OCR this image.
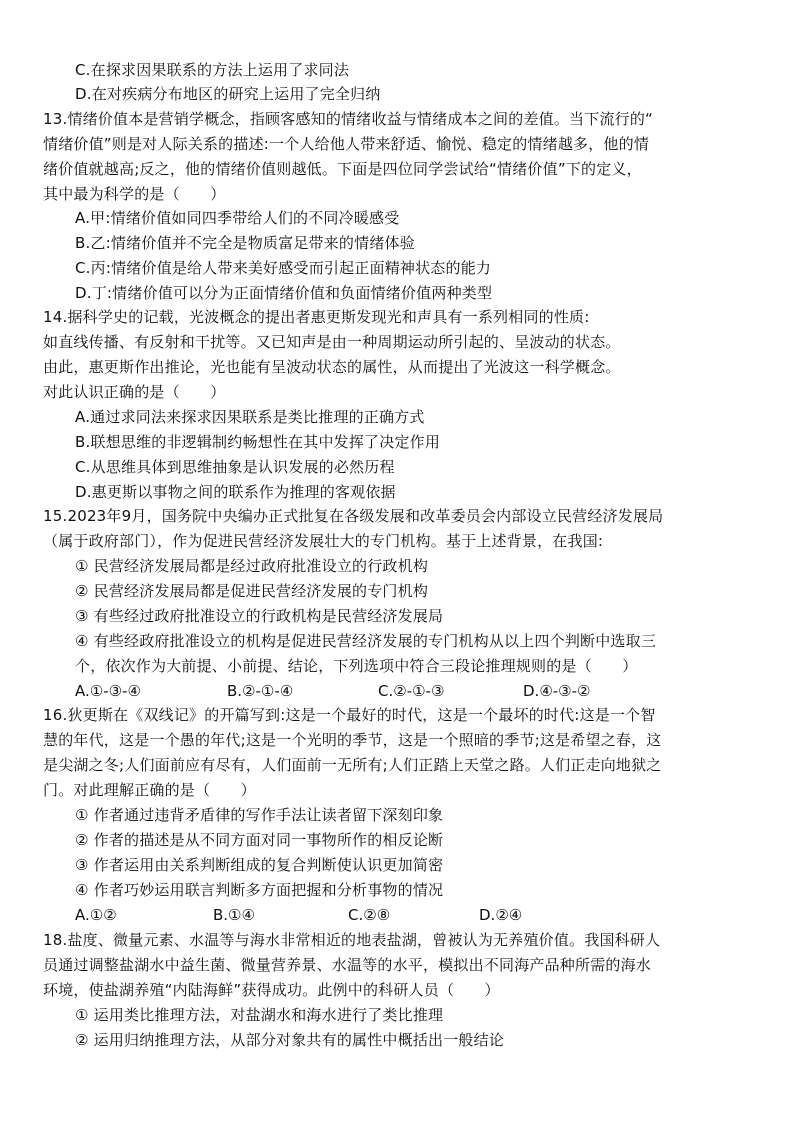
C.在探求因果联系的方法上运用了求同法
D.在对疾病分布地区的研究上运用了完全归纳
13.情绪价值本是营销学概念，指顾客感知的情绪收益与情绪成本之间的差值。当下流行的“
情绪价值”则是对人际关系的描述:一个人给他人带来舒适、愉悦、稳定的情绪越多，他的情
绪价值就越高;反之，他的情绪价值则越低。下面是四位同学尝试给“情绪价值”下的定义，
其中最为科学的是（　　）
A.甲:情绪价值如同四季带给人们的不同冷暖感受
B.乙:情绪价值并不完全是物质富足带来的情绪体验
C.丙:情绪价值是给人带来美好感受而引起正面精神状态的能力
D.丁:情绪价值可以分为正面情绪价值和负面情绪价值两种类型
14.据科学史的记载，光波概念的提出者惠更斯发现光和声具有一系列相同的性质:
如直线传播、有反射和干扰等。又已知声是由一种周期运动所引起的、呈波动的状态。
由此，惠更斯作出推论，光也能有呈波动状态的属性，从而提出了光波这一科学概念。
对此认识正确的是（　　）
A.通过求同法来探求因果联系是类比推理的正确方式
B.联想思维的非逻辑制约畅想性在其中发挥了决定作用
C.从思维具体到思维抽象是认识发展的必然历程
D.惠更斯以事物之间的联系作为推理的客观依据
15.2023年9月，国务院中央编办正式批复在各级发展和改革委员会内部设立民营经济发展局
（属于政府部门），作为促进民营经济发展壮大的专门机构。基于上述背景，在我国:
① 民营经济发展局都是经过政府批准设立的行政机构
② 民营经济发展局都是促进民营经济发展的专门机构
③ 有些经过政府批准设立的行政机构是民营经济发展局
④ 有些经政府批准设立的机构是促进民营经济发展的专门机构从以上四个判断中选取三
个，依次作为大前提、小前提、结论，下列选项中符合三段论推理规则的是（　　）
A.①-③-④	B.②-①-④	C.②-①-③	D.④-③-②
16.狄更斯在《双线记》的开篇写到:这是一个最好的时代，这是一个最坏的时代:这是一个智
慧的年代，这是一个愚的年代;这是一个光明的季节，这是一个照暗的季节;这是希望之春，这
是尖湖之冬;人们面前应有尽有，人们面前一无所有;人们正踏上天堂之路。人们正走向地狱之
门。对此理解正确的是（　　）
① 作者通过违背矛盾律的写作手法让读者留下深刻印象
② 作者的描述是从不同方面对同一事物所作的相反论断
③ 作者运用由关系判断组成的复合判断使认识更加简密
④ 作者巧妙运用联言判断多方面把握和分析事物的情况
A.①②	B.①④	C.②⑧	D.②④
18.盐度、微量元素、水温等与海水非常相近的地表盐湖，曾被认为无养殖价值。我国科研人
员通过调整盐湖水中益生菌、微量营养景、水温等的水平，模拟出不同海产品种所需的海水
环境，使盐湖养殖“内陆海鲜”获得成功。此例中的科研人员（　　）
① 运用类比推理方法，对盐湖水和海水进行了类比推理
② 运用归纳推理方法，从部分对象共有的属性中概括出一般结论
